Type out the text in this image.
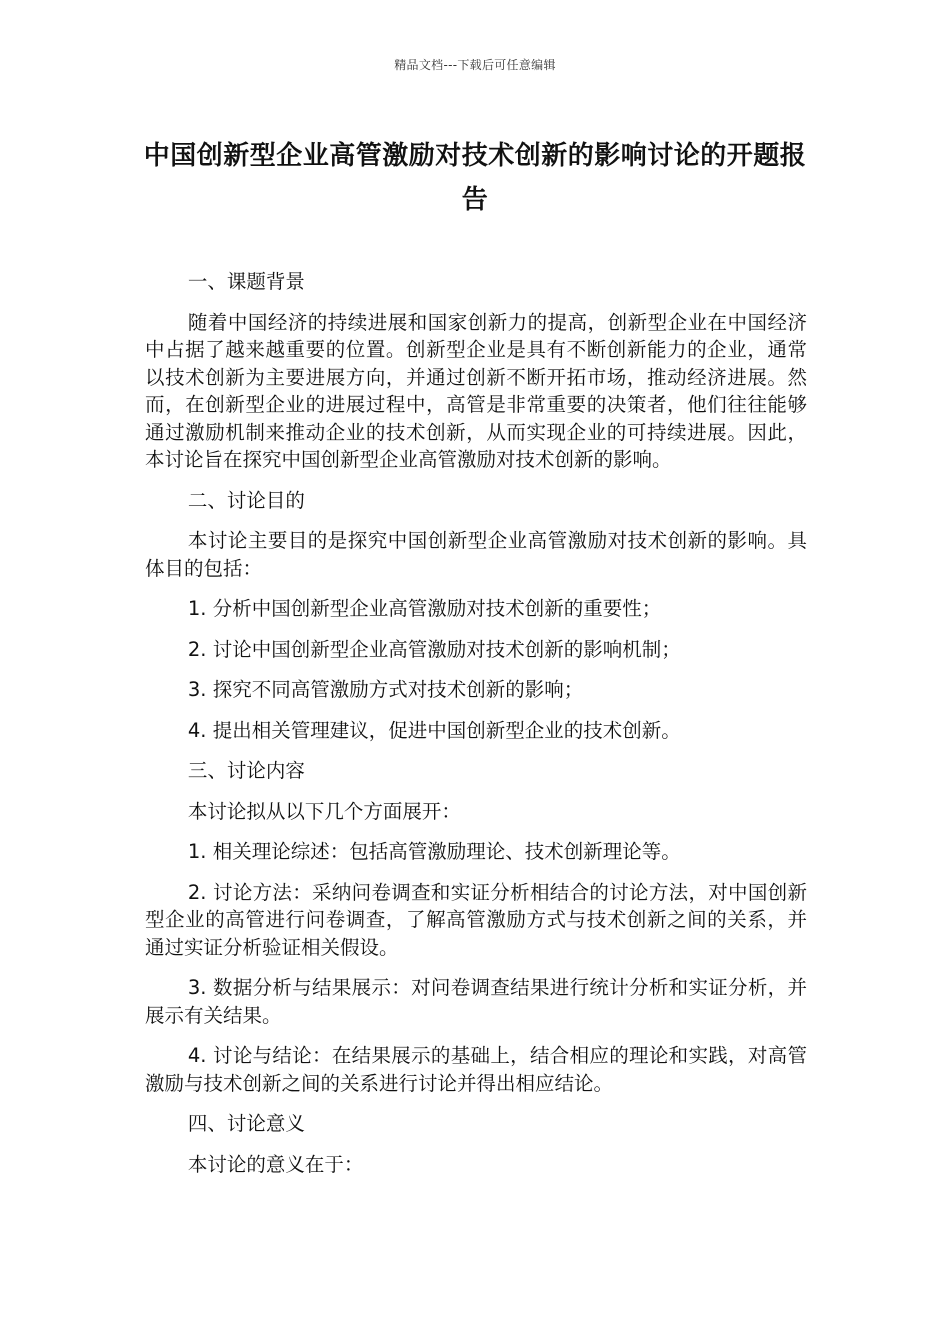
精品文档---下载后可任意编辑
中国创新型企业高管激励对技术创新的影响讨论的开题报告

一、课题背景

随着中国经济的持续进展和国家创新力的提高，创新型企业在中国经济中占据了越来越重要的位置。创新型企业是具有不断创新能力的企业，通常以技术创新为主要进展方向，并通过创新不断开拓市场，推动经济进展。然而，在创新型企业的进展过程中，高管是非常重要的决策者，他们往往能够通过激励机制来推动企业的技术创新，从而实现企业的可持续进展。因此，本讨论旨在探究中国创新型企业高管激励对技术创新的影响。

二、讨论目的

本讨论主要目的是探究中国创新型企业高管激励对技术创新的影响。具体目的包括：

1. 分析中国创新型企业高管激励对技术创新的重要性；

2. 讨论中国创新型企业高管激励对技术创新的影响机制；

3. 探究不同高管激励方式对技术创新的影响；

4. 提出相关管理建议，促进中国创新型企业的技术创新。

三、讨论内容

本讨论拟从以下几个方面展开：

1. 相关理论综述：包括高管激励理论、技术创新理论等。

2. 讨论方法：采纳问卷调查和实证分析相结合的讨论方法，对中国创新型企业的高管进行问卷调查，了解高管激励方式与技术创新之间的关系，并通过实证分析验证相关假设。

3. 数据分析与结果展示：对问卷调查结果进行统计分析和实证分析，并展示有关结果。

4. 讨论与结论：在结果展示的基础上，结合相应的理论和实践，对高管激励与技术创新之间的关系进行讨论并得出相应结论。

四、讨论意义

本讨论的意义在于：
